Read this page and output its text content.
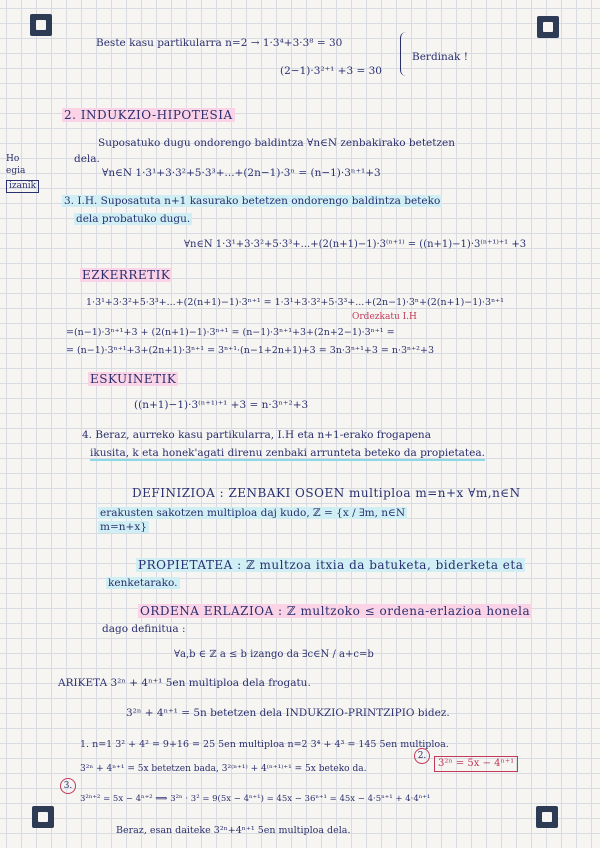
Beste kasu partikularra n=2 → 1·3⁴+3·3⁸ = 30
(2−1)·3²⁺¹ +3 = 30
Berdinak !
2. INDUKZIO-HIPOTESIA
Suposatuko dugu ondorengo baldintza ∀n∈N zenbakirako betetzen
dela.
Ho
egia
izanik
∀n∈N 1·3¹+3·3²+5·3³+...+(2n−1)·3ⁿ = (n−1)·3ⁿ⁺¹+3
3. I.H. Suposatuta n+1 kasurako betetzen ondorengo baldintza beteko
dela probatuko dugu.
∀n∈N 1·3¹+3·3²+5·3³+...+(2(n+1)−1)·3⁽ⁿ⁺¹⁾ = ((n+1)−1)·3⁽ⁿ⁺¹⁾⁺¹ +3
EZKERRETIK
1·3¹+3·3²+5·3³+...+(2(n+1)−1)·3ⁿ⁺¹ = 1·3¹+3·3²+5·3³+...+(2n−1)·3ⁿ+(2(n+1)−1)·3ⁿ⁺¹
Ordezkatu I.H
=(n−1)·3ⁿ⁺¹+3 + (2(n+1)−1)·3ⁿ⁺¹ = (n−1)·3ⁿ⁺¹+3+(2n+2−1)·3ⁿ⁺¹ =
= (n−1)·3ⁿ⁺¹+3+(2n+1)·3ⁿ⁺¹ = 3ⁿ⁺¹·(n−1+2n+1)+3 = 3n·3ⁿ⁺¹+3 = n·3ⁿ⁺²+3
ESKUINETIK
((n+1)−1)·3⁽ⁿ⁺¹⁾⁺¹ +3 = n·3ⁿ⁺²+3
4. Beraz, aurreko kasu partikularra, I.H eta n+1-erako frogapena
ikusita, k eta honek'agati direnu zenbaki arrunteta beteko da propietatea.
DEFINIZIOA : ZENBAKI OSOEN multiploa m=n+x ∀m,n∈N
erakusten sakotzen multiploa daj kudo, ℤ = {x / ∃m, n∈N
m=n+x}
PROPIETATEA : ℤ multzoa itxia da batuketa, biderketa eta
kenketarako.
ORDENA ERLAZIOA : ℤ multzoko ≤ ordena-erlazioa honela
dago definitua :
∀a,b ∈ ℤ a ≤ b izango da ∃c∈N / a+c=b
ARIKETA 3²ⁿ + 4ⁿ⁺¹ 5en multiploa dela frogatu.
3²ⁿ + 4ⁿ⁺¹ = 5n betetzen dela INDUKZIO-PRINTZIPIO bidez.
1. n=1 3² + 4² = 9+16 = 25 5en multiploa n=2 3⁴ + 4³ = 145 5en multiploa.
2.
3²ⁿ = 5x − 4ⁿ⁺¹
3²ⁿ + 4ⁿ⁺¹ = 5x betetzen bada, 3²⁽ⁿ⁺¹⁾ + 4⁽ⁿ⁺¹⁾⁺¹ = 5x beteko da.
3.
3²ⁿ⁺² = 5x − 4ⁿ⁺² ⟹ 3²ⁿ · 3² = 9(5x − 4ⁿ⁺¹) = 45x − 36ⁿ⁺¹ = 45x − 4·5ⁿ⁺¹ + 4·4ⁿ⁺¹
Beraz, esan daiteke 3²ⁿ+4ⁿ⁺¹ 5en multiploa dela.
